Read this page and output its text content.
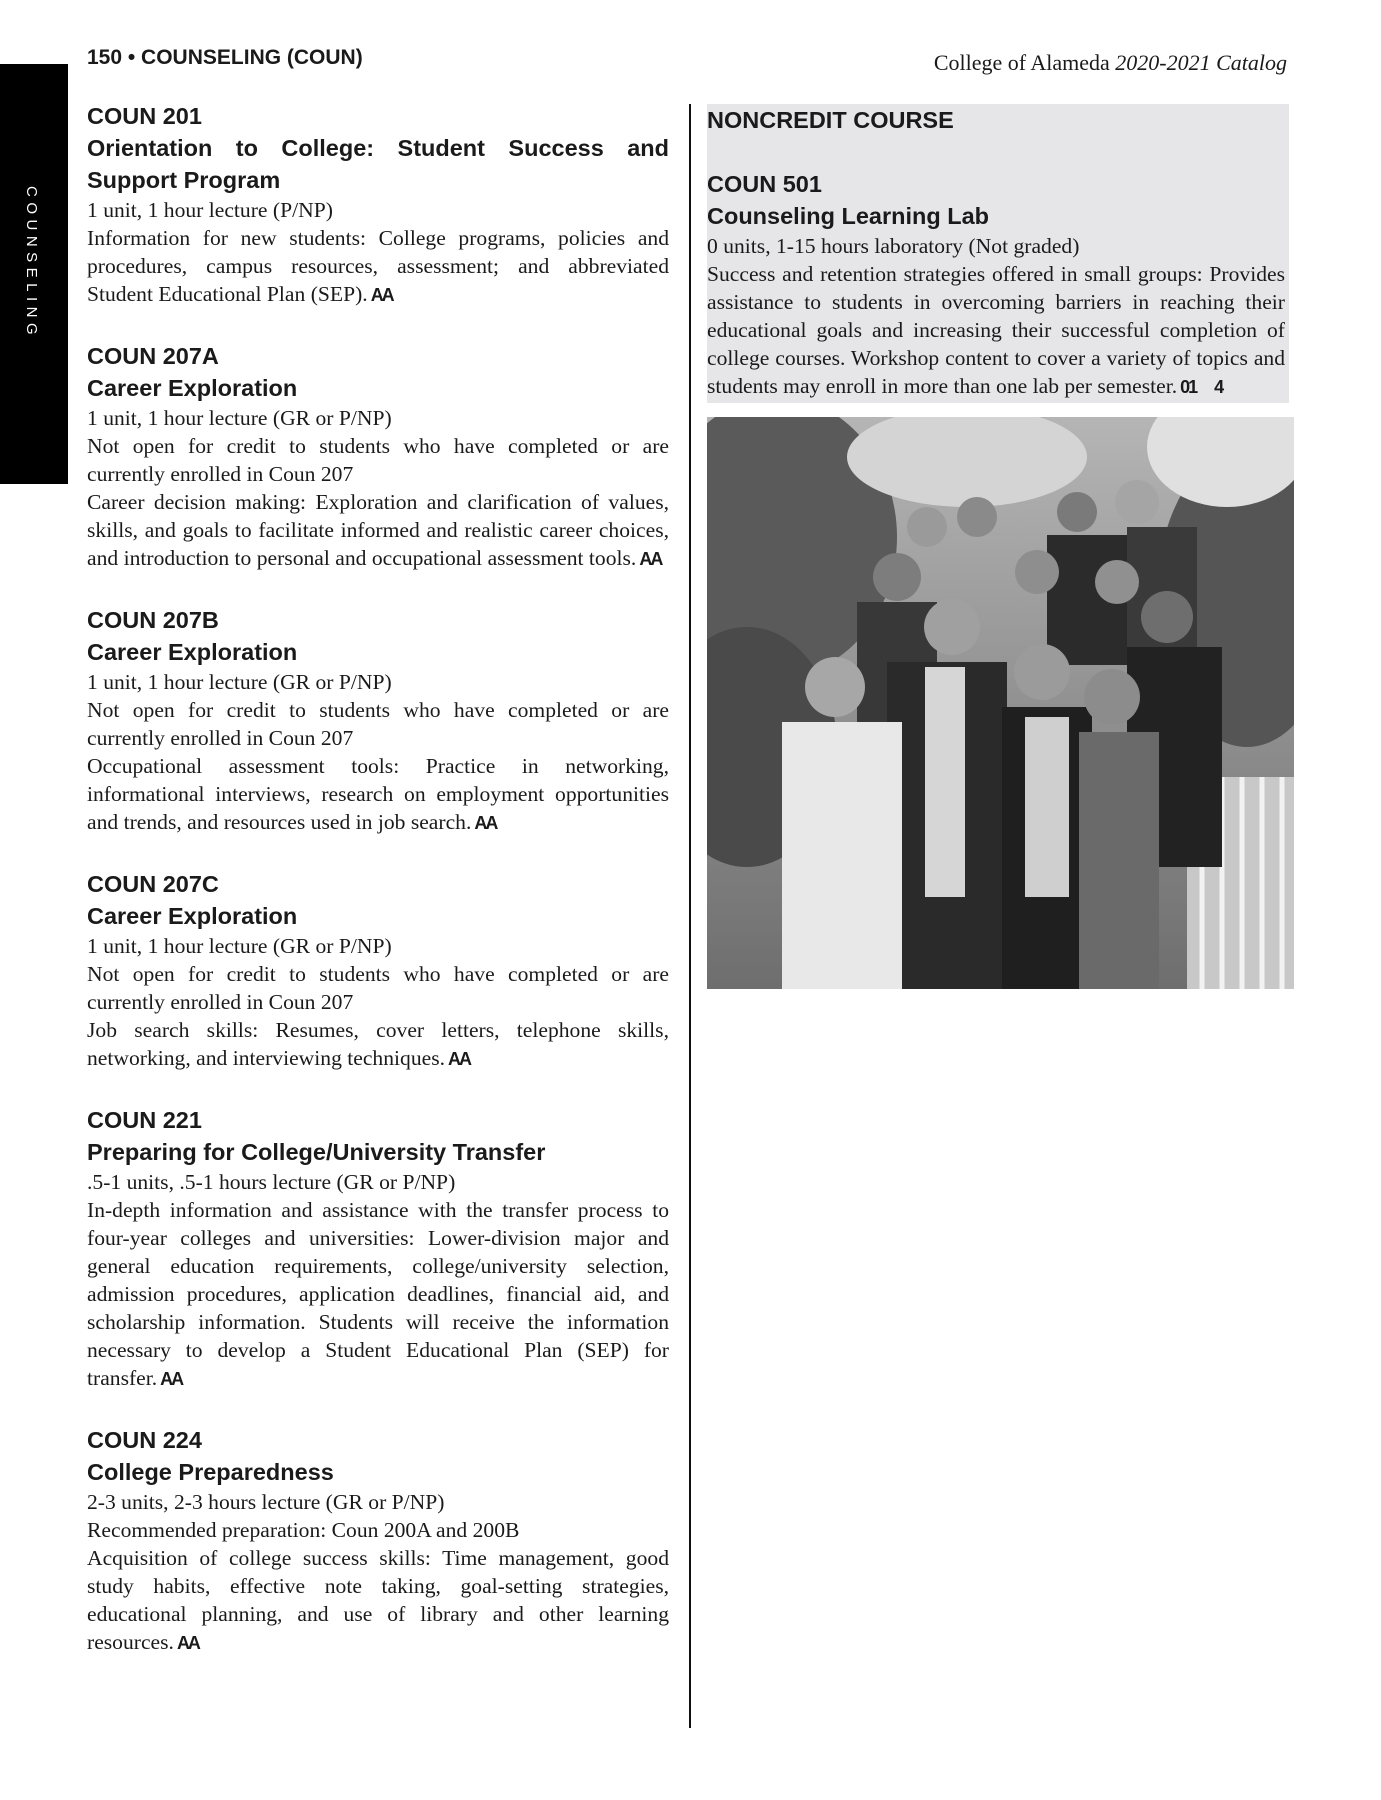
COUNSELING
150 • COUNSELING (COUN)	College of Alameda 2020-2021 Catalog
COUN 201
Orientation to College: Student Success and Support Program
1 unit, 1 hour lecture (P/NP)
Information for new students: College programs, policies and procedures, campus resources, assessment; and abbreviated Student Educational Plan (SEP). AA
COUN 207A
Career Exploration
1 unit, 1 hour lecture (GR or P/NP)
Not open for credit to students who have completed or are currently enrolled in Coun 207
Career decision making: Exploration and clarification of values, skills, and goals to facilitate informed and realistic career choices, and introduction to personal and occupational assessment tools. AA
COUN 207B
Career Exploration
1 unit, 1 hour lecture (GR or P/NP)
Not open for credit to students who have completed or are currently enrolled in Coun 207
Occupational assessment tools: Practice in networking, informational interviews, research on employment opportunities and trends, and resources used in job search. AA
COUN 207C
Career Exploration
1 unit, 1 hour lecture (GR or P/NP)
Not open for credit to students who have completed or are currently enrolled in Coun 207
Job search skills: Resumes, cover letters, telephone skills, networking, and interviewing techniques. AA
COUN 221
Preparing for College/University Transfer
.5-1 units, .5-1 hours lecture (GR or P/NP)
In-depth information and assistance with the transfer process to four-year colleges and universities: Lower-division major and general education requirements, college/university selection, admission procedures, application deadlines, financial aid, and scholarship information. Students will receive the information necessary to develop a Student Educational Plan (SEP) for transfer. AA
COUN 224
College Preparedness
2-3 units, 2-3 hours lecture (GR or P/NP)
Recommended preparation: Coun 200A and 200B
Acquisition of college success skills: Time management, good study habits, effective note taking, goal-setting strategies, educational planning, and use of library and other learning resources. AA
NONCREDIT COURSE
COUN 501
Counseling Learning Lab
0 units, 1-15 hours laboratory (Not graded)
Success and retention strategies offered in small groups: Provides assistance to students in overcoming barriers in reaching their educational goals and increasing their successful completion of college courses. Workshop content to cover a variety of topics and students may enroll in more than one lab per semester. 01      4
